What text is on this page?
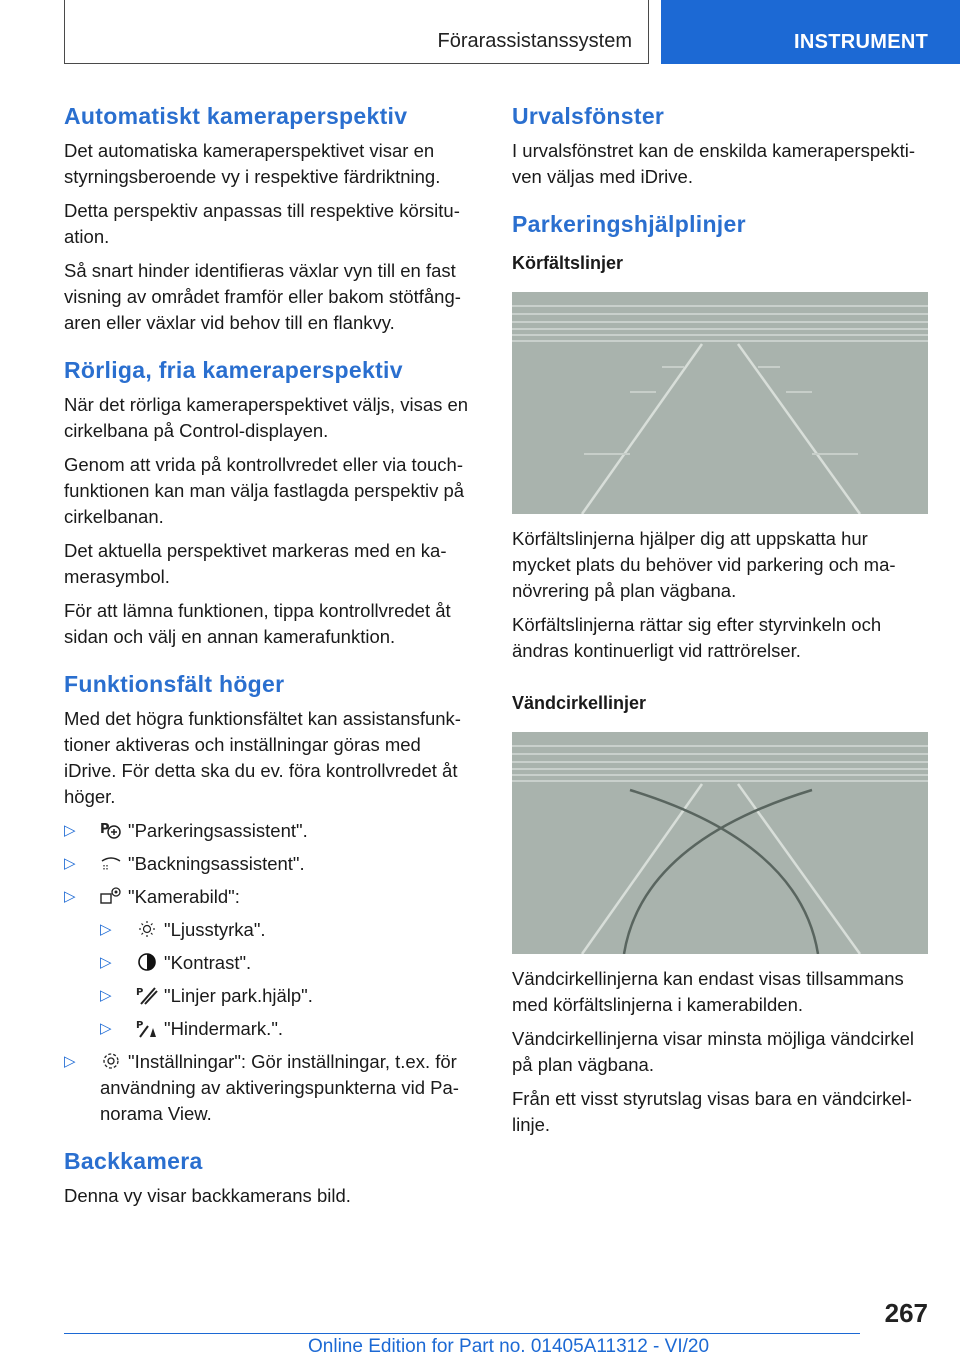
Förarassistanssystem	INSTRUMENT
Automatiskt kameraperspektiv

Det automatiska kameraperspektivet visar en styrningsberoende vy i respektive färdriktning.

Detta perspektiv anpassas till respektive körsituation.

Så snart hinder identifieras växlar vyn till en fast visning av området framför eller bakom stötfångaren eller växlar vid behov till en flankvy.

Rörliga, fria kameraperspektiv

När det rörliga kameraperspektivet väljs, visas en cirkelbana på Control-displayen.

Genom att vrida på kontrollvredet eller via touchfunktionen kan man välja fastlagda perspektiv på cirkelbanan.

Det aktuella perspektivet markeras med en kamerasymbol.

För att lämna funktionen, tippa kontrollvredet åt sidan och välj en annan kamerafunktion.

Funktionsfält höger

Med det högra funktionsfältet kan assistansfunktioner aktiveras och inställningar göras med iDrive. För detta ska du ev. föra kontrollvredet åt höger.

▷ P "Parkeringsassistent".
▷	"Backningsassistent".
▷	"Kamerabild":
▷	"Ljusstyrka".
▷	"Kontrast".
▷ P "Linjer park.hjälp".
▷ P "Hindermark.".
▷	"Inställningar": Gör inställningar, t.ex. för användning av aktiveringspunkterna vid Panorama View.
Backkamera

Denna vy visar backkamerans bild.

Urvalsfönster

I urvalsfönstret kan de enskilda kameraperspektiven väljas med iDrive.

Parkeringshjälplinjer
Körfältslinjer

Körfältslinjerna hjälper dig att uppskatta hur mycket plats du behöver vid parkering och manövrering på plan vägbana.

Körfältslinjerna rättar sig efter styrvinkeln och ändras kontinuerligt vid rattrörelser.

Vändcirkellinjer

Vändcirkellinjerna kan endast visas tillsammans med körfältslinjerna i kamerabilden.

Vändcirkellinjerna visar minsta möjliga vändcirkel på plan vägbana.

Från ett visst styrutslag visas bara en vändcirkellinje.

267
Online Edition for Part no. 01405A11312 - VI/20
